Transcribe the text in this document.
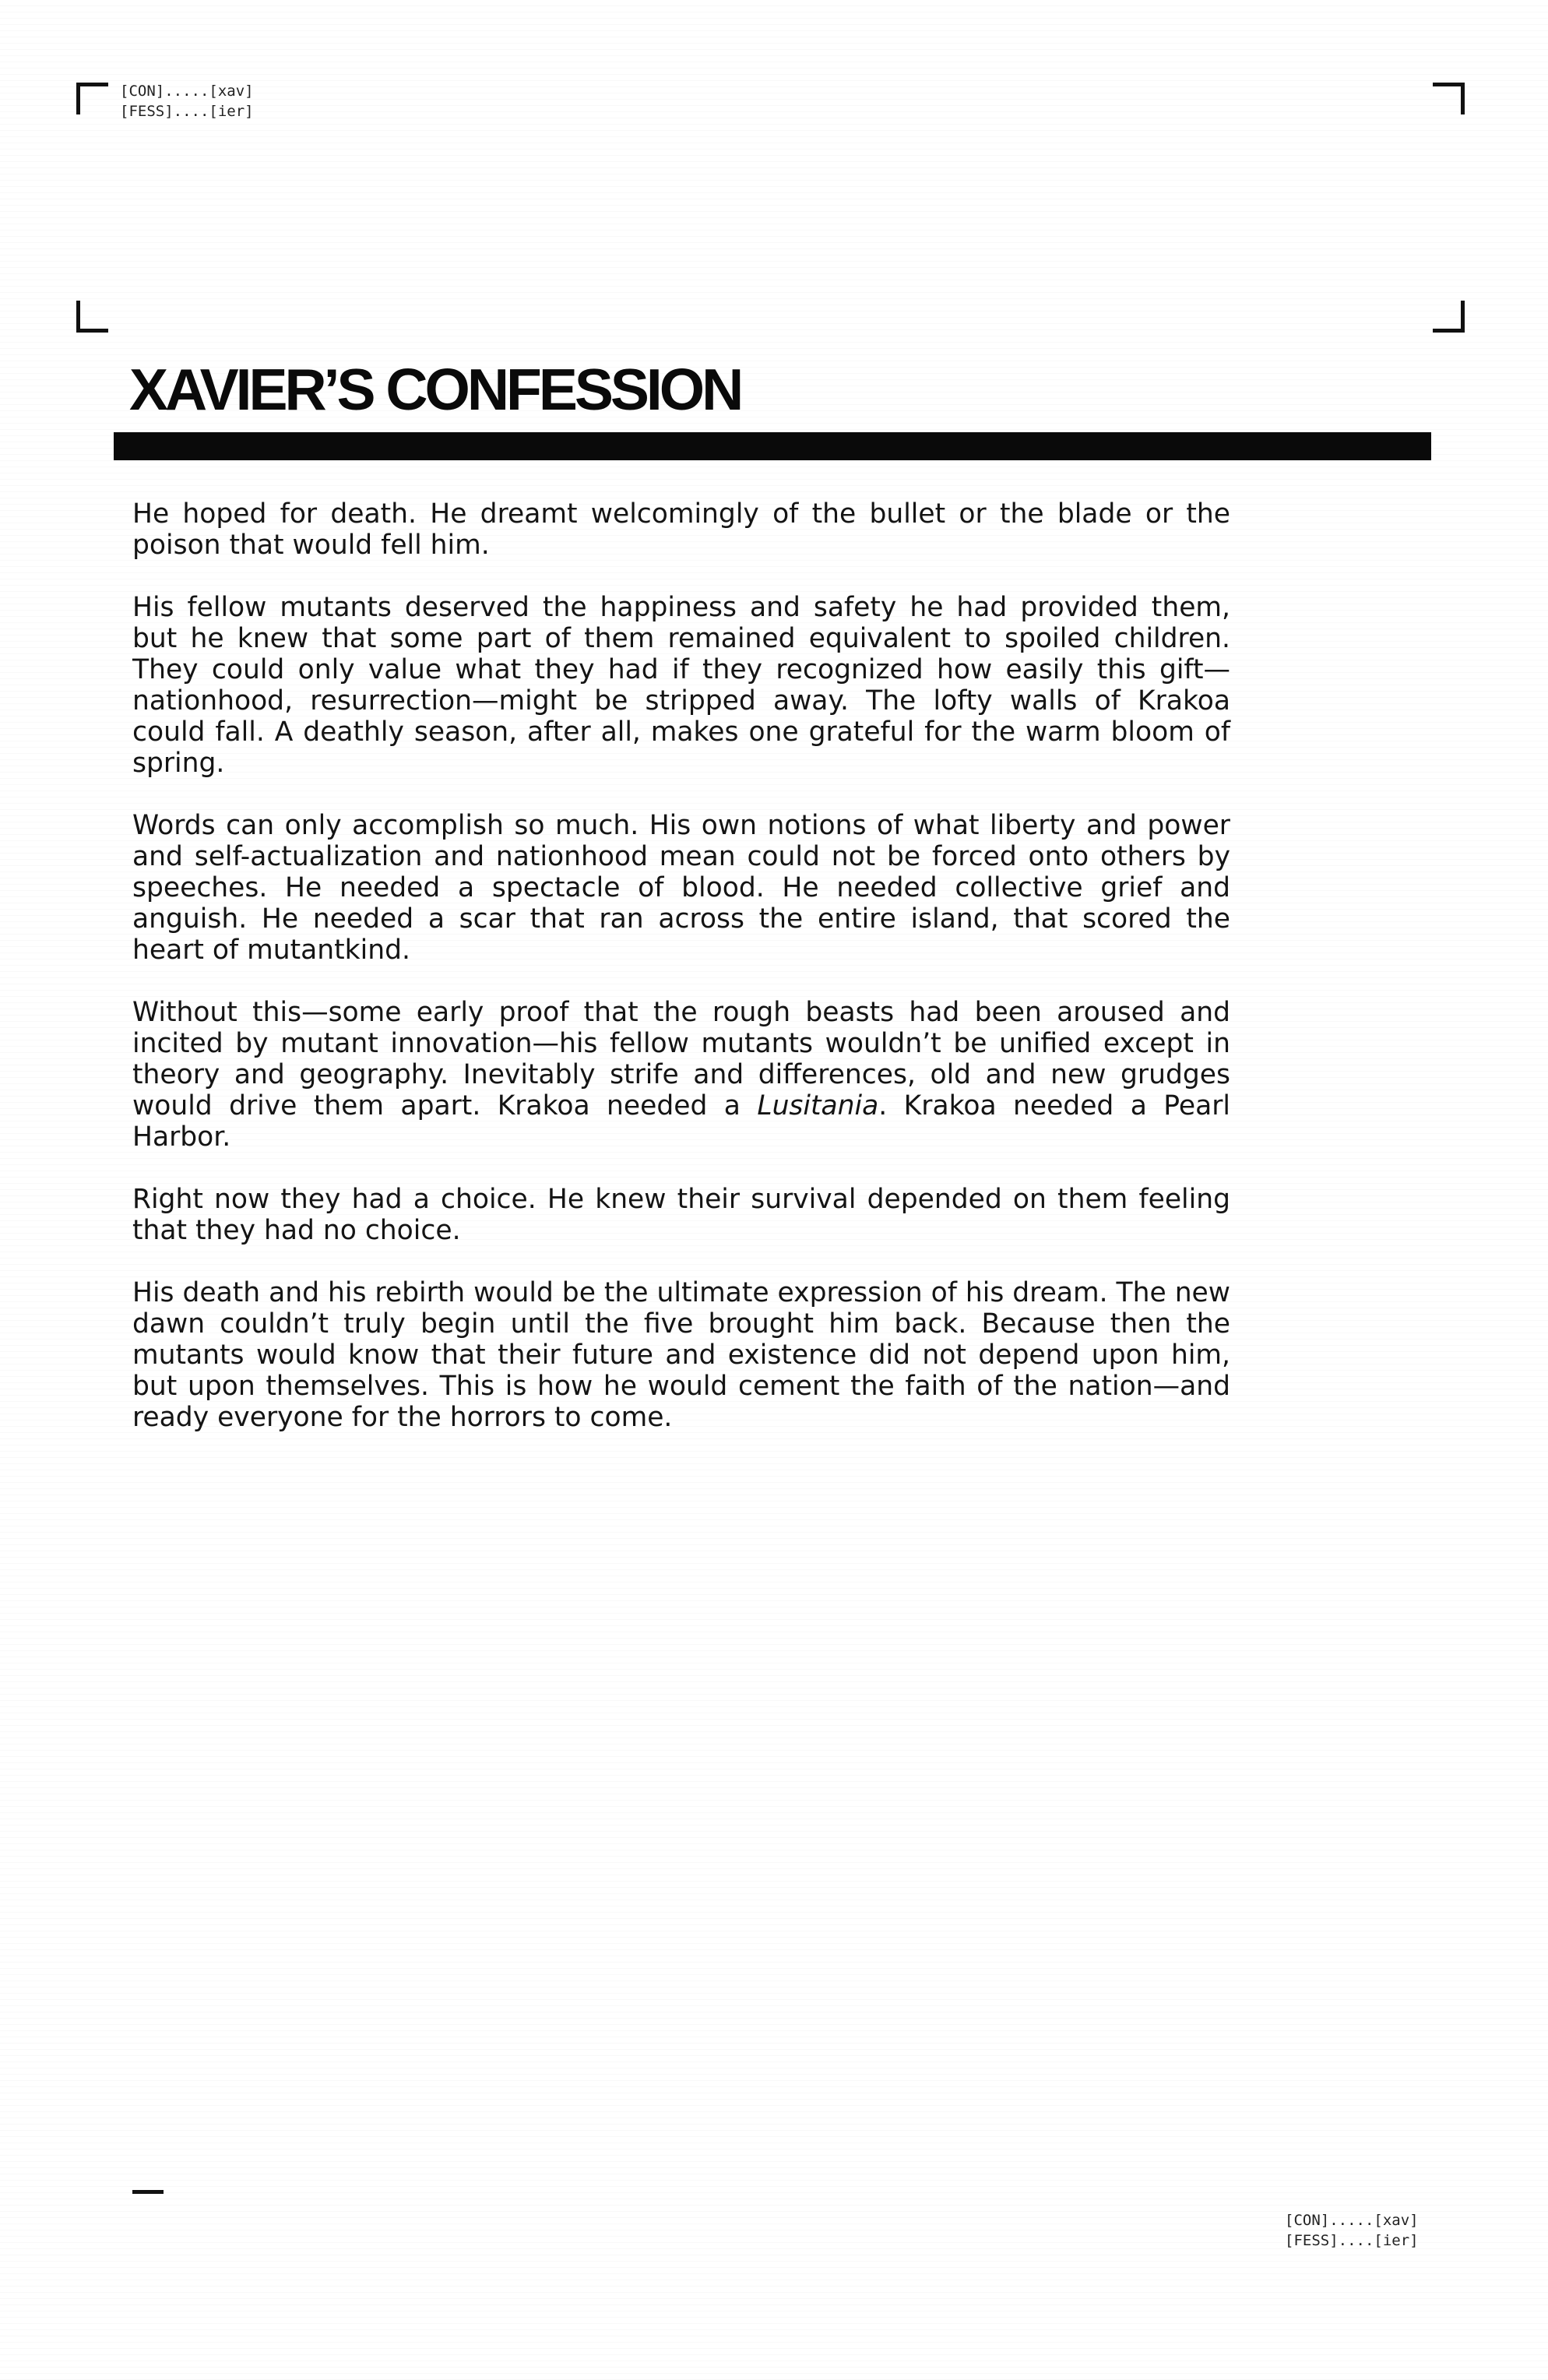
[CON].....[xav]
[FESS]....[ier]
XAVIER’S CONFESSION

He hoped for death. He dreamt welcomingly of the bullet or the blade or the poison that would fell him.

His fellow mutants deserved the happiness and safety he had provided them, but he knew that some part of them remained equivalent to spoiled children. They could only value what they had if they recognized how easily this gift—nationhood, resurrection—might be stripped away. The lofty walls of Krakoa could fall. A deathly season, after all, makes one grateful for the warm bloom of spring.

Words can only accomplish so much. His own notions of what liberty and power and self-actualization and nationhood mean could not be forced onto others by speeches. He needed a spectacle of blood. He needed collective grief and anguish. He needed a scar that ran across the entire island, that scored the heart of mutantkind.

Without this—some early proof that the rough beasts had been aroused and incited by mutant innovation—his fellow mutants wouldn’t be unified except in theory and geography. Inevitably strife and differences, old and new grudges would drive them apart. Krakoa needed a Lusitania. Krakoa needed a Pearl Harbor.

Right now they had a choice. He knew their survival depended on them feeling that they had no choice.

His death and his rebirth would be the ultimate expression of his dream. The new dawn couldn’t truly begin until the five brought him back. Because then the mutants would know that their future and existence did not depend upon him, but upon themselves. This is how he would cement the faith of the nation—and ready everyone for the horrors to come.

[CON].....[xav]
[FESS]....[ier]
